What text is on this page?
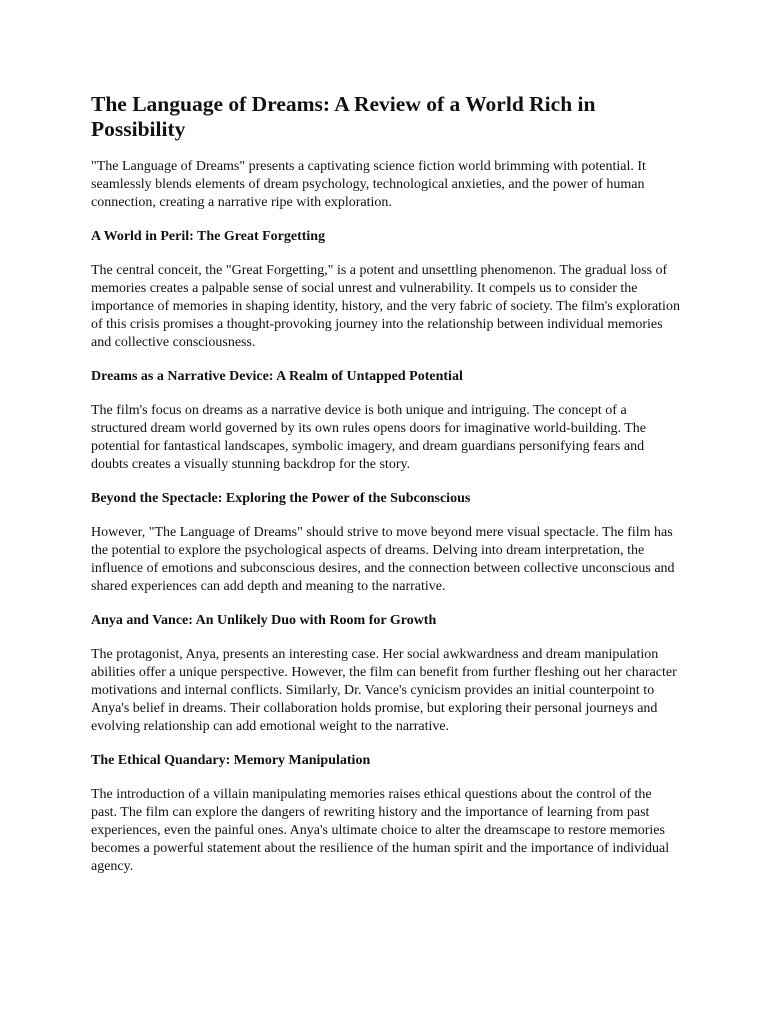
The Language of Dreams: A Review of a World Rich in Possibility

"The Language of Dreams" presents a captivating science fiction world brimming with potential. It seamlessly blends elements of dream psychology, technological anxieties, and the power of human connection, creating a narrative ripe with exploration.

A World in Peril: The Great Forgetting

The central conceit, the "Great Forgetting," is a potent and unsettling phenomenon. The gradual loss of memories creates a palpable sense of social unrest and vulnerability. It compels us to consider the importance of memories in shaping identity, history, and the very fabric of society. The film's exploration of this crisis promises a thought-provoking journey into the relationship between individual memories and collective consciousness.

Dreams as a Narrative Device: A Realm of Untapped Potential

The film's focus on dreams as a narrative device is both unique and intriguing. The concept of a structured dream world governed by its own rules opens doors for imaginative world-building. The potential for fantastical landscapes, symbolic imagery, and dream guardians personifying fears and doubts creates a visually stunning backdrop for the story.

Beyond the Spectacle: Exploring the Power of the Subconscious

However, "The Language of Dreams" should strive to move beyond mere visual spectacle. The film has the potential to explore the psychological aspects of dreams. Delving into dream interpretation, the influence of emotions and subconscious desires, and the connection between collective unconscious and shared experiences can add depth and meaning to the narrative.

Anya and Vance: An Unlikely Duo with Room for Growth

The protagonist, Anya, presents an interesting case. Her social awkwardness and dream manipulation abilities offer a unique perspective. However, the film can benefit from further fleshing out her character motivations and internal conflicts. Similarly, Dr. Vance's cynicism provides an initial counterpoint to Anya's belief in dreams. Their collaboration holds promise, but exploring their personal journeys and evolving relationship can add emotional weight to the narrative.

The Ethical Quandary: Memory Manipulation

The introduction of a villain manipulating memories raises ethical questions about the control of the past. The film can explore the dangers of rewriting history and the importance of learning from past experiences, even the painful ones. Anya's ultimate choice to alter the dreamscape to restore memories becomes a powerful statement about the resilience of the human spirit and the importance of individual agency.
